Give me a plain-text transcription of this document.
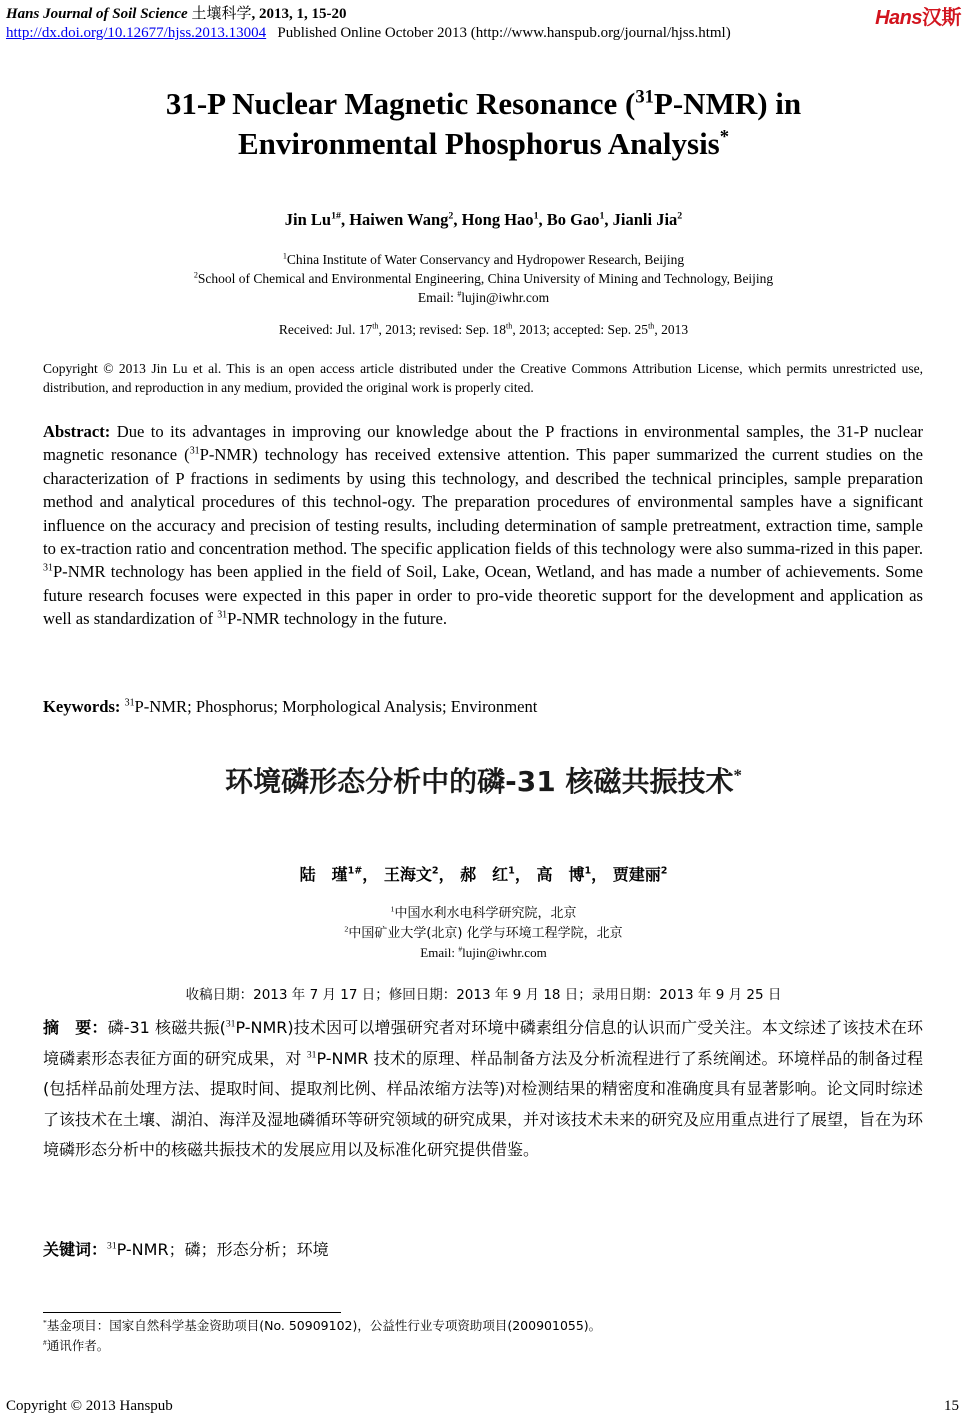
Hans Journal of Soil Science 土壤科学, 2013, 1, 15-20
http://dx.doi.org/10.12677/hjss.2013.13004 Published Online October 2013 (http://www.hanspub.org/journal/hjss.html)
Hans汉斯
31-P Nuclear Magnetic Resonance ($^{31}$P-NMR) in
Environmental Phosphorus Analysis*
Jin $Lu^{1\#}$, Haiwen Wang$^2$, Hong Hao$^1$, Bo Gao$^1$, Jianli Jia$^2$
$^1$China Institute of Water Conservancy and Hydropower Research, Beijing
$^2$School of Chemical and Environmental Engineering, China University of Mining and Technology, Beijing
Email: #lujin@iwhr.com
Received: Jul. 17th, 2013; revised: Sep. 18th, 2013; accepted: Sep. 25th, 2013
Copyright © 2013 Jin Lu et al. This is an open access article distributed under the Creative Commons Attribution License, which permits unrestricted use, distribution, and reproduction in any medium, provided the original work is properly cited.
Abstract: Due to its advantages in improving our knowledge about the P fractions in environmental samples, the 31-P nuclear magnetic resonance ($^{31}$P-NMR) technology has received extensive attention. This paper summarized the current studies on the characterization of P fractions in sediments by using this technology, and described the technical principles, sample preparation method and analytical procedures of this technol-ogy. The preparation procedures of environmental samples have a significant influence on the accuracy and precision of testing results, including determination of sample pretreatment, extraction time, sample to ex-traction ratio and concentration method. The specific application fields of this technology were also summa-rized in this paper. $^{31}$P-NMR technology has been applied in the field of Soil, Lake, Ocean, Wetland, and has made a number of achievements. Some future research focuses were expected in this paper in order to pro-vide theoretic support for the development and application as well as standardization of $^{31}$P-NMR technology in the future.
Keywords: $^{31}$P-NMR; Phosphorus; Morphological Analysis; Environment
环境磷形态分析中的磷-31 核磁共振技术*
陆　瑾$^{1\#}$， 王海文$^2$， 郝　红$^1$， 高　博$^1$， 贾建丽$^2$
$^1$中国水利水电科学研究院，北京
$^2$中国矿业大学(北京) 化学与环境工程学院，北京
Email: #lujin@iwhr.com
收稿日期：2013 年 7 月 17 日；修回日期：2013 年 9 月 18 日；录用日期：2013 年 9 月 25 日
摘　要：磷-31 核磁共振($^{31}$P-NMR)技术因可以增强研究者对环境中磷素组分信息的认识而广受关注。本文综述了该技术在环境磷素形态表征方面的研究成果，对 $^{31}$P-NMR 技术的原理、样品制备方法及分析流程进行了系统阐述。环境样品的制备过程(包括样品前处理方法、提取时间、提取剂比例、样品浓缩方法等)对检测结果的精密度和准确度具有显著影响。论文同时综述了该技术在土壤、湖泊、海洋及湿地磷循环等研究领域的研究成果，并对该技术未来的研究及应用重点进行了展望，旨在为环境磷形态分析中的核磁共振技术的发展应用以及标准化研究提供借鉴。
关键词：$^{31}$P-NMR；磷；形态分析；环境
*基金项目：国家自然科学基金资助项目(No. 50909102)，公益性行业专项资助项目(200901055)。
#通讯作者。
Copyright © 2013 Hanspub	15
